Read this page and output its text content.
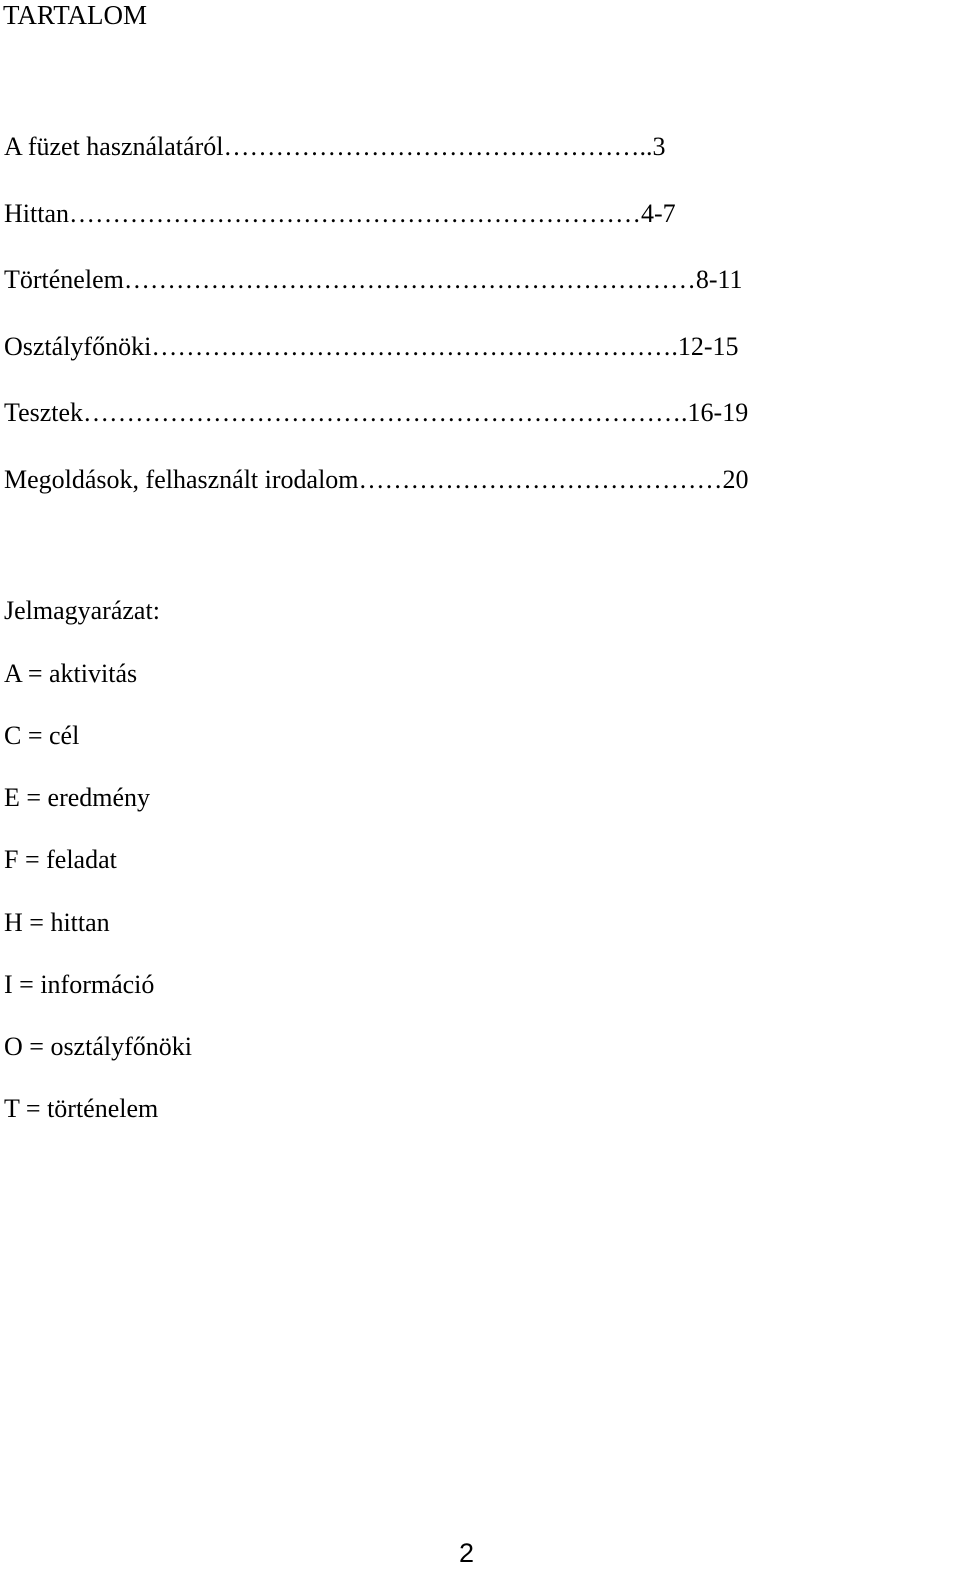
TARTALOM
A füzet használatáról…………………………………………..3
Hittan…………………………………………………………4-7
Történelem…………………………………………………………8-11
Osztályfőnöki…………………………………………………….12-15
Tesztek…………………………………………………………….16-19
Megoldások, felhasznált irodalom……………………………………20
Jelmagyarázat:
A = aktivitás
C = cél
E = eredmény
F = feladat
H = hittan
I = információ
O = osztályfőnöki
T = történelem
2
